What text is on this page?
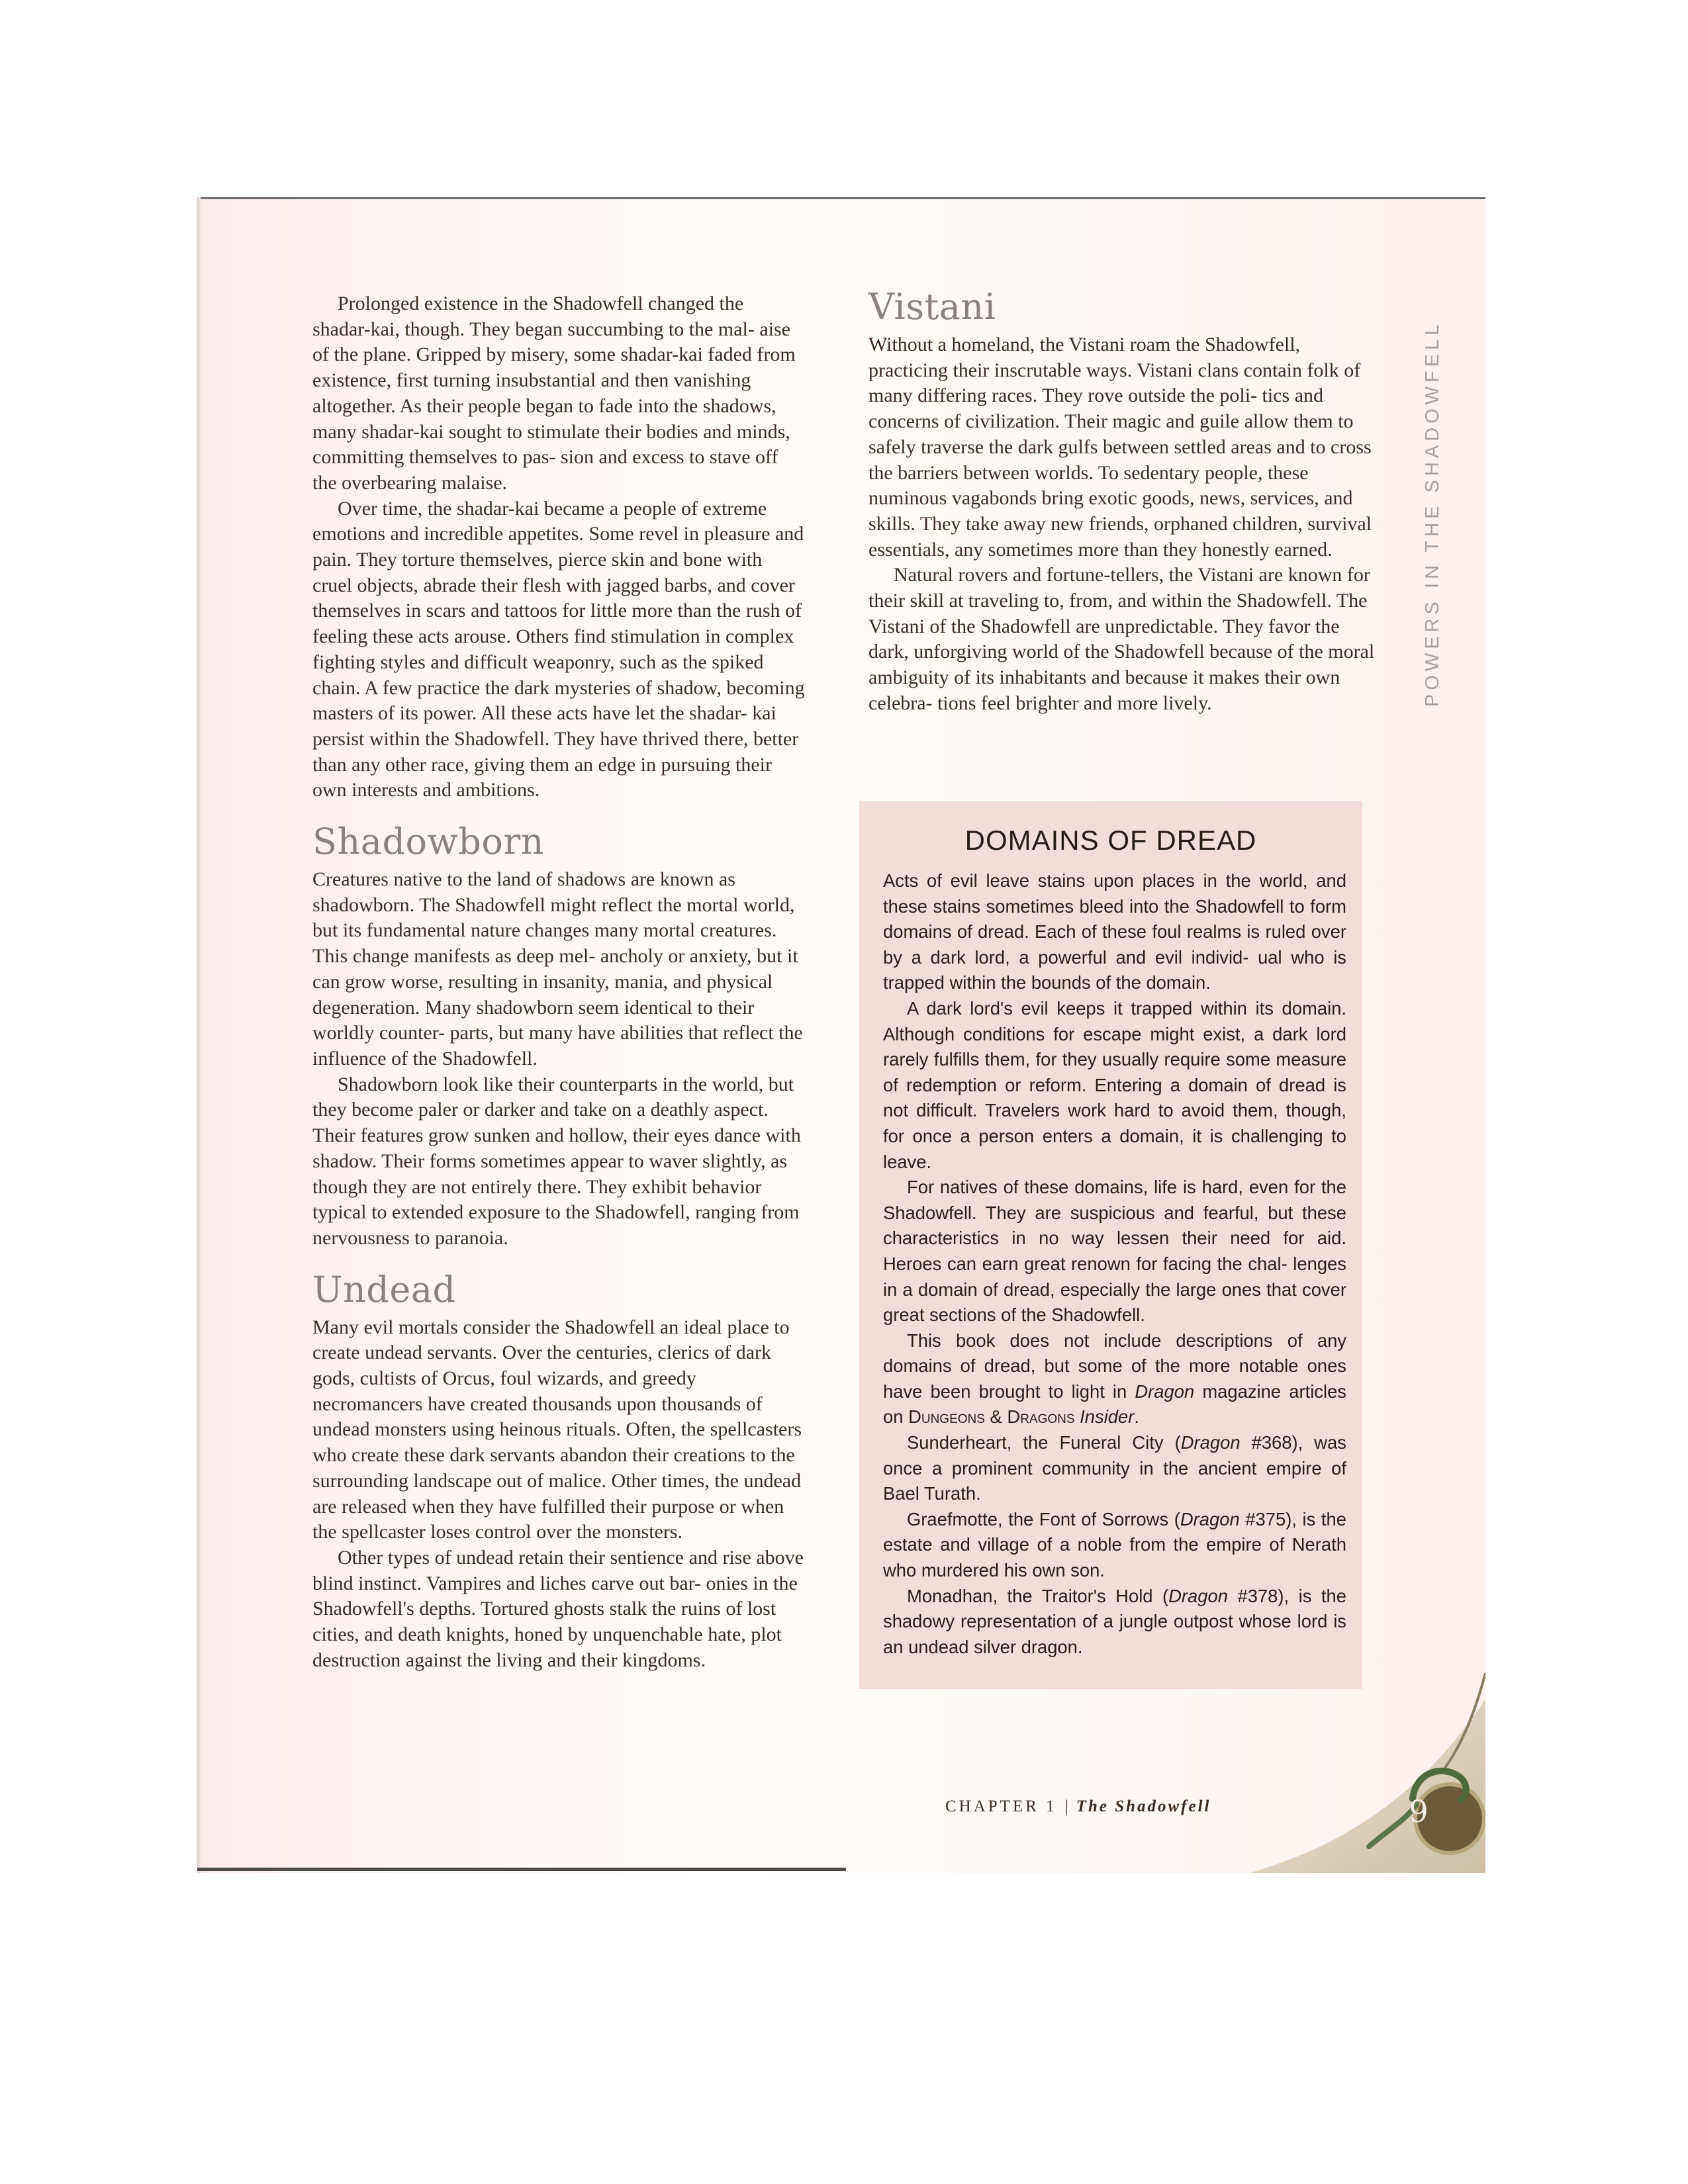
Prolonged existence in the Shadowfell changed the shadar-kai, though. They began succumbing to the mal- aise of the plane. Gripped by misery, some shadar-kai faded from existence, first turning insubstantial and then vanishing altogether. As their people began to fade into the shadows, many shadar-kai sought to stimulate their bodies and minds, committing themselves to pas- sion and excess to stave off the overbearing malaise.

Over time, the shadar-kai became a people of extreme emotions and incredible appetites. Some revel in pleasure and pain. They torture themselves, pierce skin and bone with cruel objects, abrade their flesh with jagged barbs, and cover themselves in scars and tattoos for little more than the rush of feeling these acts arouse. Others find stimulation in complex fighting styles and difficult weaponry, such as the spiked chain. A few practice the dark mysteries of shadow, becoming masters of its power. All these acts have let the shadar- kai persist within the Shadowfell. They have thrived there, better than any other race, giving them an edge in pursuing their own interests and ambitions.

Shadowborn

Creatures native to the land of shadows are known as shadowborn. The Shadowfell might reflect the mortal world, but its fundamental nature changes many mortal creatures. This change manifests as deep mel- ancholy or anxiety, but it can grow worse, resulting in insanity, mania, and physical degeneration. Many shadowborn seem identical to their worldly counter- parts, but many have abilities that reflect the influence of the Shadowfell.

Shadowborn look like their counterparts in the world, but they become paler or darker and take on a deathly aspect. Their features grow sunken and hollow, their eyes dance with shadow. Their forms sometimes appear to waver slightly, as though they are not entirely there. They exhibit behavior typical to extended exposure to the Shadowfell, ranging from nervousness to paranoia.

Undead

Many evil mortals consider the Shadowfell an ideal place to create undead servants. Over the centuries, clerics of dark gods, cultists of Orcus, foul wizards, and greedy necromancers have created thousands upon thousands of undead monsters using heinous rituals. Often, the spellcasters who create these dark servants abandon their creations to the surrounding landscape out of malice. Other times, the undead are released when they have fulfilled their purpose or when the spellcaster loses control over the monsters.

Other types of undead retain their sentience and rise above blind instinct. Vampires and liches carve out bar- onies in the Shadowfell's depths. Tortured ghosts stalk the ruins of lost cities, and death knights, honed by unquenchable hate, plot destruction against the living and their kingdoms.

Vistani

Without a homeland, the Vistani roam the Shadowfell, practicing their inscrutable ways. Vistani clans contain folk of many differing races. They rove outside the poli- tics and concerns of civilization. Their magic and guile allow them to safely traverse the dark gulfs between settled areas and to cross the barriers between worlds. To sedentary people, these numinous vagabonds bring exotic goods, news, services, and skills. They take away new friends, orphaned children, survival essentials, any sometimes more than they honestly earned.

Natural rovers and fortune-tellers, the Vistani are known for their skill at traveling to, from, and within the Shadowfell. The Vistani of the Shadowfell are unpredictable. They favor the dark, unforgiving world of the Shadowfell because of the moral ambiguity of its inhabitants and because it makes their own celebra- tions feel brighter and more lively.

DOMAINS OF DREAD

Acts of evil leave stains upon places in the world, and these stains sometimes bleed into the Shadowfell to form domains of dread. Each of these foul realms is ruled over by a dark lord, a powerful and evil individ- ual who is trapped within the bounds of the domain.

A dark lord's evil keeps it trapped within its domain. Although conditions for escape might exist, a dark lord rarely fulfills them, for they usually require some measure of redemption or reform. Entering a domain of dread is not difficult. Travelers work hard to avoid them, though, for once a person enters a domain, it is challenging to leave.

For natives of these domains, life is hard, even for the Shadowfell. They are suspicious and fearful, but these characteristics in no way lessen their need for aid. Heroes can earn great renown for facing the chal- lenges in a domain of dread, especially the large ones that cover great sections of the Shadowfell.

This book does not include descriptions of any domains of dread, but some of the more notable ones have been brought to light in Dragon magazine articles on Dungeons & Dragons Insider.

Sunderheart, the Funeral City (Dragon #368), was once a prominent community in the ancient empire of Bael Turath.

Graefmotte, the Font of Sorrows (Dragon #375), is the estate and village of a noble from the empire of Nerath who murdered his own son.

Monadhan, the Traitor's Hold (Dragon #378), is the shadowy representation of a jungle outpost whose lord is an undead silver dragon.

POWERS IN THE SHADOWFELL
CHAPTER 1 | The Shadowfell	9
